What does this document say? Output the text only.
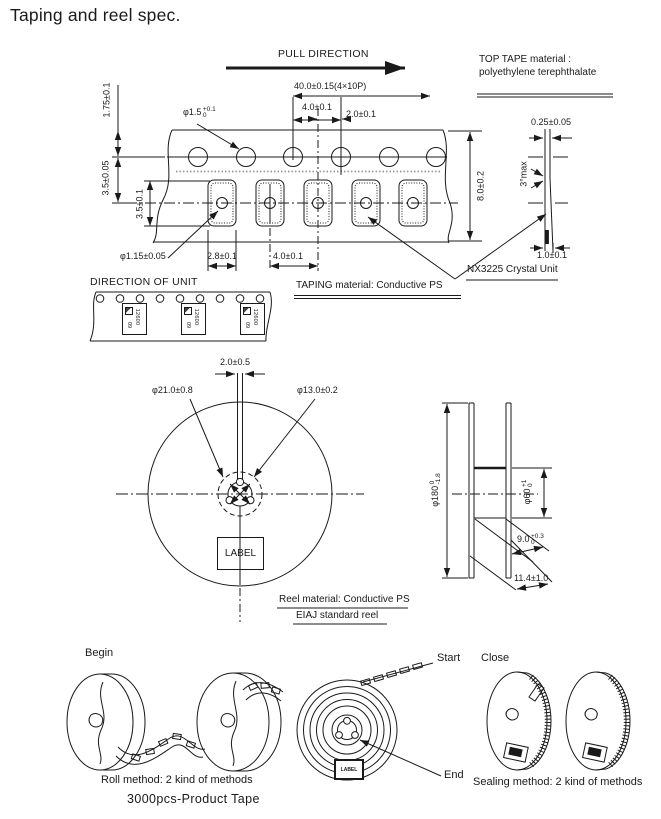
Taping and reel spec.
PULL DIRECTION	TOP TAPE material :
polyethylene terephthalate
40.0±0.15(4×10P)
4.0±0.1
2.0±0.1
φ1.5 +0.1
0
1.75±0.1
3.5±0.05
3.5±0.1
φ1.15±0.05	2.8±0.1	4.0±0.1
8.0±0.2
0.25±0.05
3°max
1.0±0.1
NX3225 Crystal Unit
DIRECTION OF UNIT	TAPING material: Conductive PS
12600
09	12600
09	12600
09
2.0±0.5
φ21.0±0.8	φ13.0±0.2
LABEL
φ180
0 -1.8
φ60
+1 0
9.0 +0.3
0
11.4±1.0
Reel material: Conductive PS
EIAJ standard reel
Begin	Start
End
Close
LABEL
Roll method: 2 kind of methods
3000pcs-Product Tape
Sealing method: 2 kind of methods
